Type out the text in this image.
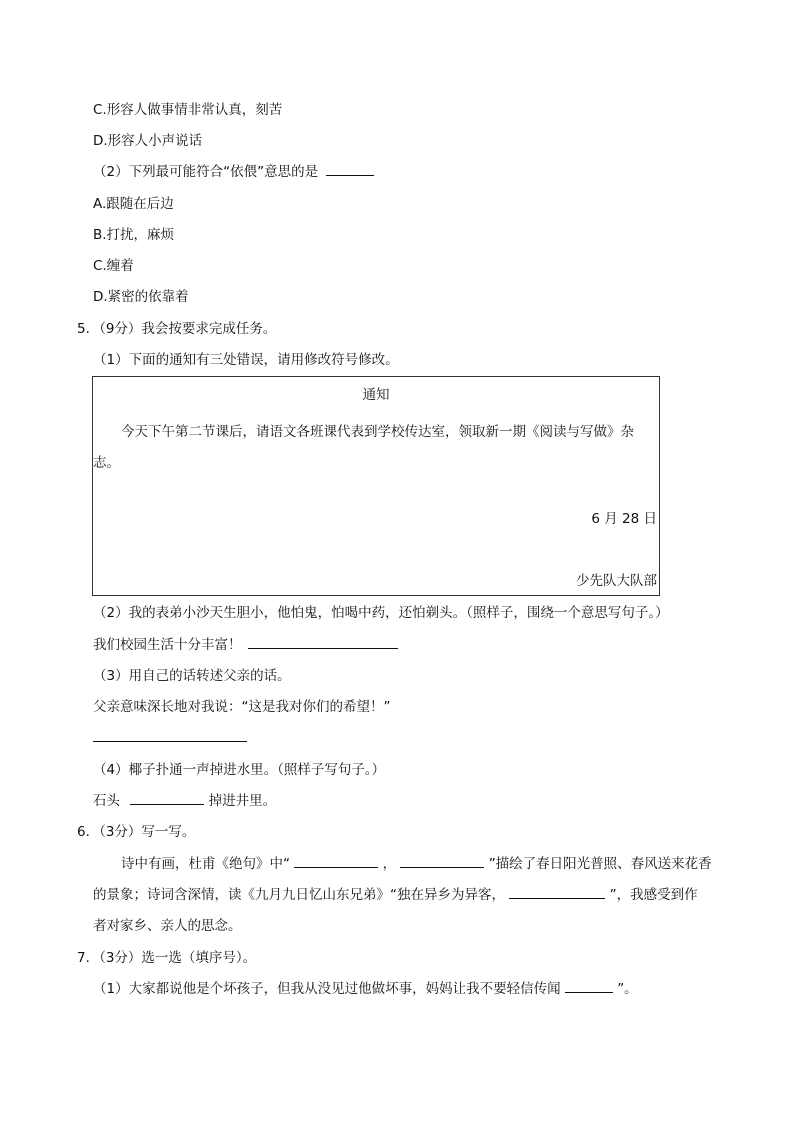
C.形容人做事情非常认真，刻苦
D.形容人小声说话
（2）下列最可能符合“依偎”意思的是
A.跟随在后边
B.打扰，麻烦
C.缠着
D.紧密的依靠着
5．（9分）我会按要求完成任务。
（1）下面的通知有三处错误，请用修改符号修改。
通知
今天下午第二节课后，请语文各班课代表到学校传达室，领取新一期《阅读与写做》杂志。
6 月 28 日
少先队大队部
（2）我的表弟小沙天生胆小，他怕鬼，怕喝中药，还怕剃头。（照样子，围绕一个意思写句子。）
我们校园生活十分丰富！
（3）用自己的话转述父亲的话。
父亲意味深长地对我说：“这是我对你们的希望！”
（4）椰子扑通一声掉进水里。（照样子写句子。）
石头	掉进井里。
6．（3分）写一写。
诗中有画，杜甫《绝句》中“	，	”描绘了春日阳光普照、春风送来花香
的景象；诗词含深情，读《九月九日忆山东兄弟》“独在异乡为异客，	”，我感受到作
者对家乡、亲人的思念。
7．（3分）选一选（填序号）。
（1）大家都说他是个坏孩子，但我从没见过他做坏事，妈妈让我不要轻信传闻	”。
